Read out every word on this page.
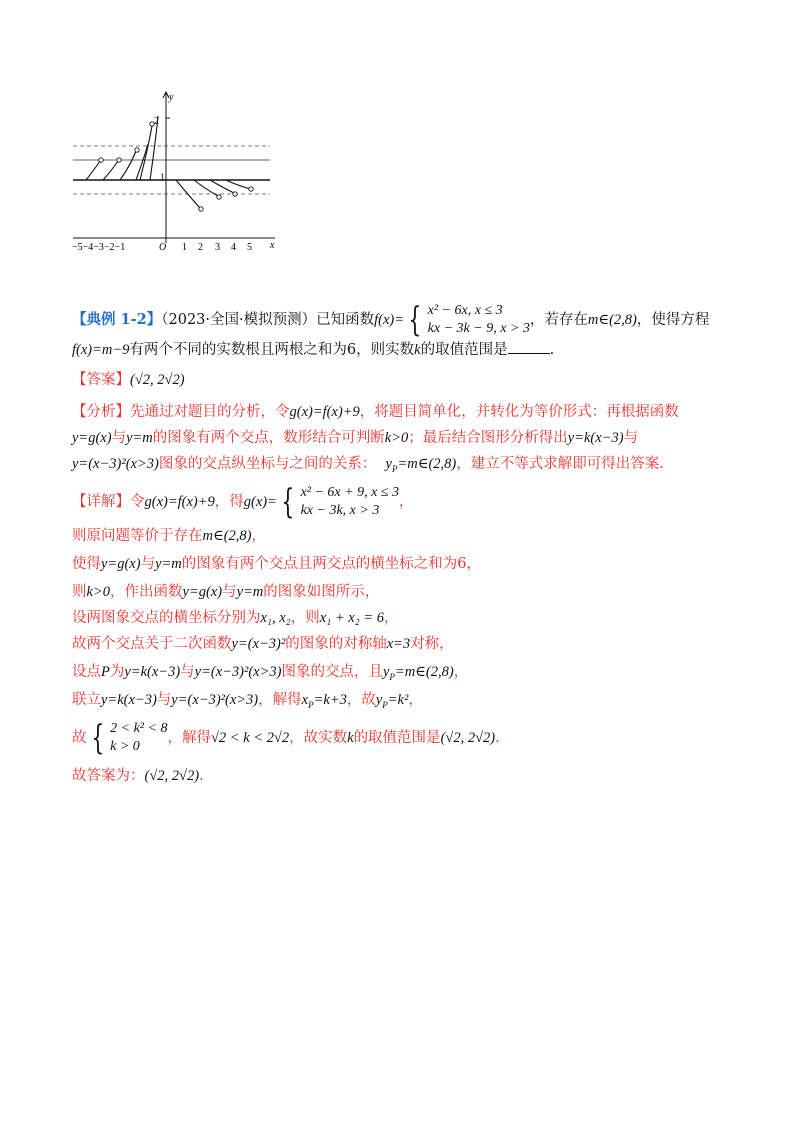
y
2
1
−5−4−3−2−1	O 1 2 3 4 5 x
【典例 1-2】（2023·全国·模拟预测）已知函数f(x)= { x² − 6x, x ≤ 3
kx − 3k − 9, x > 3
，若存在m∈(2,8)，使得方程
f(x)=m−9有两个不同的实数根且两根之和为6，则实数k的取值范围是	.
【答案】(√2, 2√2)
【分析】先通过对题目的分析，令g(x)=f(x)+9，将题目简单化，并转化为等价形式：再根据函数
y=g(x)与y=m的图象有两个交点，数形结合可判断k>0；最后结合图形分析得出y=k(x−3)与
y=(x−3)²(x>3)图象的交点纵坐标与之间的关系： $y_P=m\in(2,8)$，建立不等式求解即可得出答案.
【详解】令g(x)=f(x)+9，得g(x)= { x² − 6x + 9, x ≤ 3
kx − 3k, x > 3
，
则原问题等价于存在m∈(2,8)，
使得y=g(x)与y=m的图象有两个交点且两交点的横坐标之和为6，
则k>0，作出函数y=g(x)与y=m的图象如图所示，
设两图象交点的横坐标分别为x₁, x₂，则x₁ + x₂ = 6，
故两个交点关于二次函数y=(x−3)²的图象的对称轴x=3对称，
设点P为y=k(x−3)与y=(x−3)²(x>3)图象的交点，且$y_P=m\in(2,8)$，
联立y=k(x−3)与y=(x−3)²(x>3)，解得$x_P=k+3$，故$y_P=k^2$，
故 { 2 < k² < 8
k > 0
，解得√2 < k < 2√2，故实数k的取值范围是(√2, 2√2).
故答案为：(√2, 2√2).
